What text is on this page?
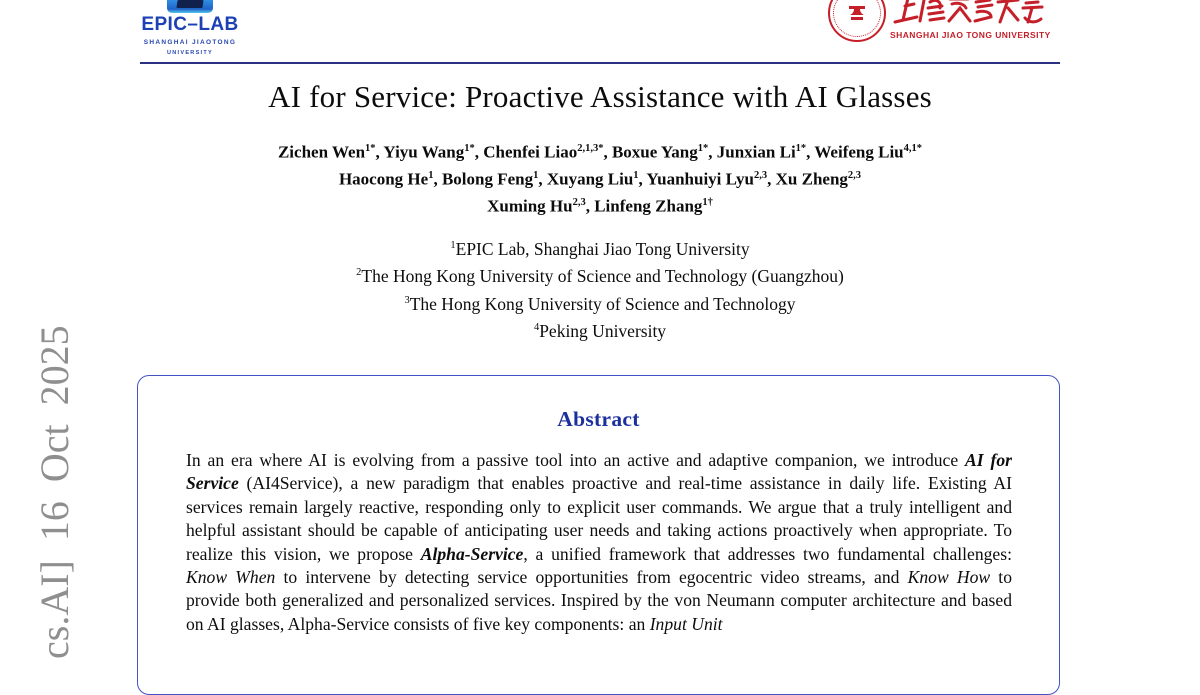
cs.AI] 16 Oct 2025
EPIC–LAB
SHANGHAI JIAOTONG
UNIVERSITY
SHANGHAI JIAO TONG UNIVERSITY
AI for Service: Proactive Assistance with AI Glasses
Zichen Wen$^{1*}$, Yiyu Wang$^{1*}$, Chenfei Liao$^{2,1,3*}$, Boxue Yang$^{1*}$, Junxian $Li^{1*}$, Weifeng Liu$^{4,1*}$
Haocong He$^1$, Bolong Feng$^1$, Xuyang Liu$^1$, Yuanhuiyi Lyu$^{2,3}$, Xu Zheng$^{2,3}$
Xuming Hu$^{2,3}$, Linfeng Zhang$^{1\dagger}$
$^1$EPIC Lab, Shanghai Jiao Tong University
$^2$The Hong Kong University of Science and Technology (Guangzhou)
$^3$The Hong Kong University of Science and Technology
$^4$Peking University
Abstract
In an era where AI is evolving from a passive tool into an active and adaptive companion, we introduce AI for Service (AI4Service), a new paradigm that enables proactive and real-time assistance in daily life. Existing AI services remain largely reactive, responding only to explicit user commands. We argue that a truly intelligent and helpful assistant should be capable of anticipating user needs and taking actions proactively when appropriate. To realize this vision, we propose Alpha-Service, a unified framework that addresses two fundamental challenges: Know When to intervene by detecting service opportunities from egocentric video streams, and Know How to provide both generalized and personalized services. Inspired by the von Neumann computer architecture and based on AI glasses, Alpha-Service consists of five key components: an Input Unit
